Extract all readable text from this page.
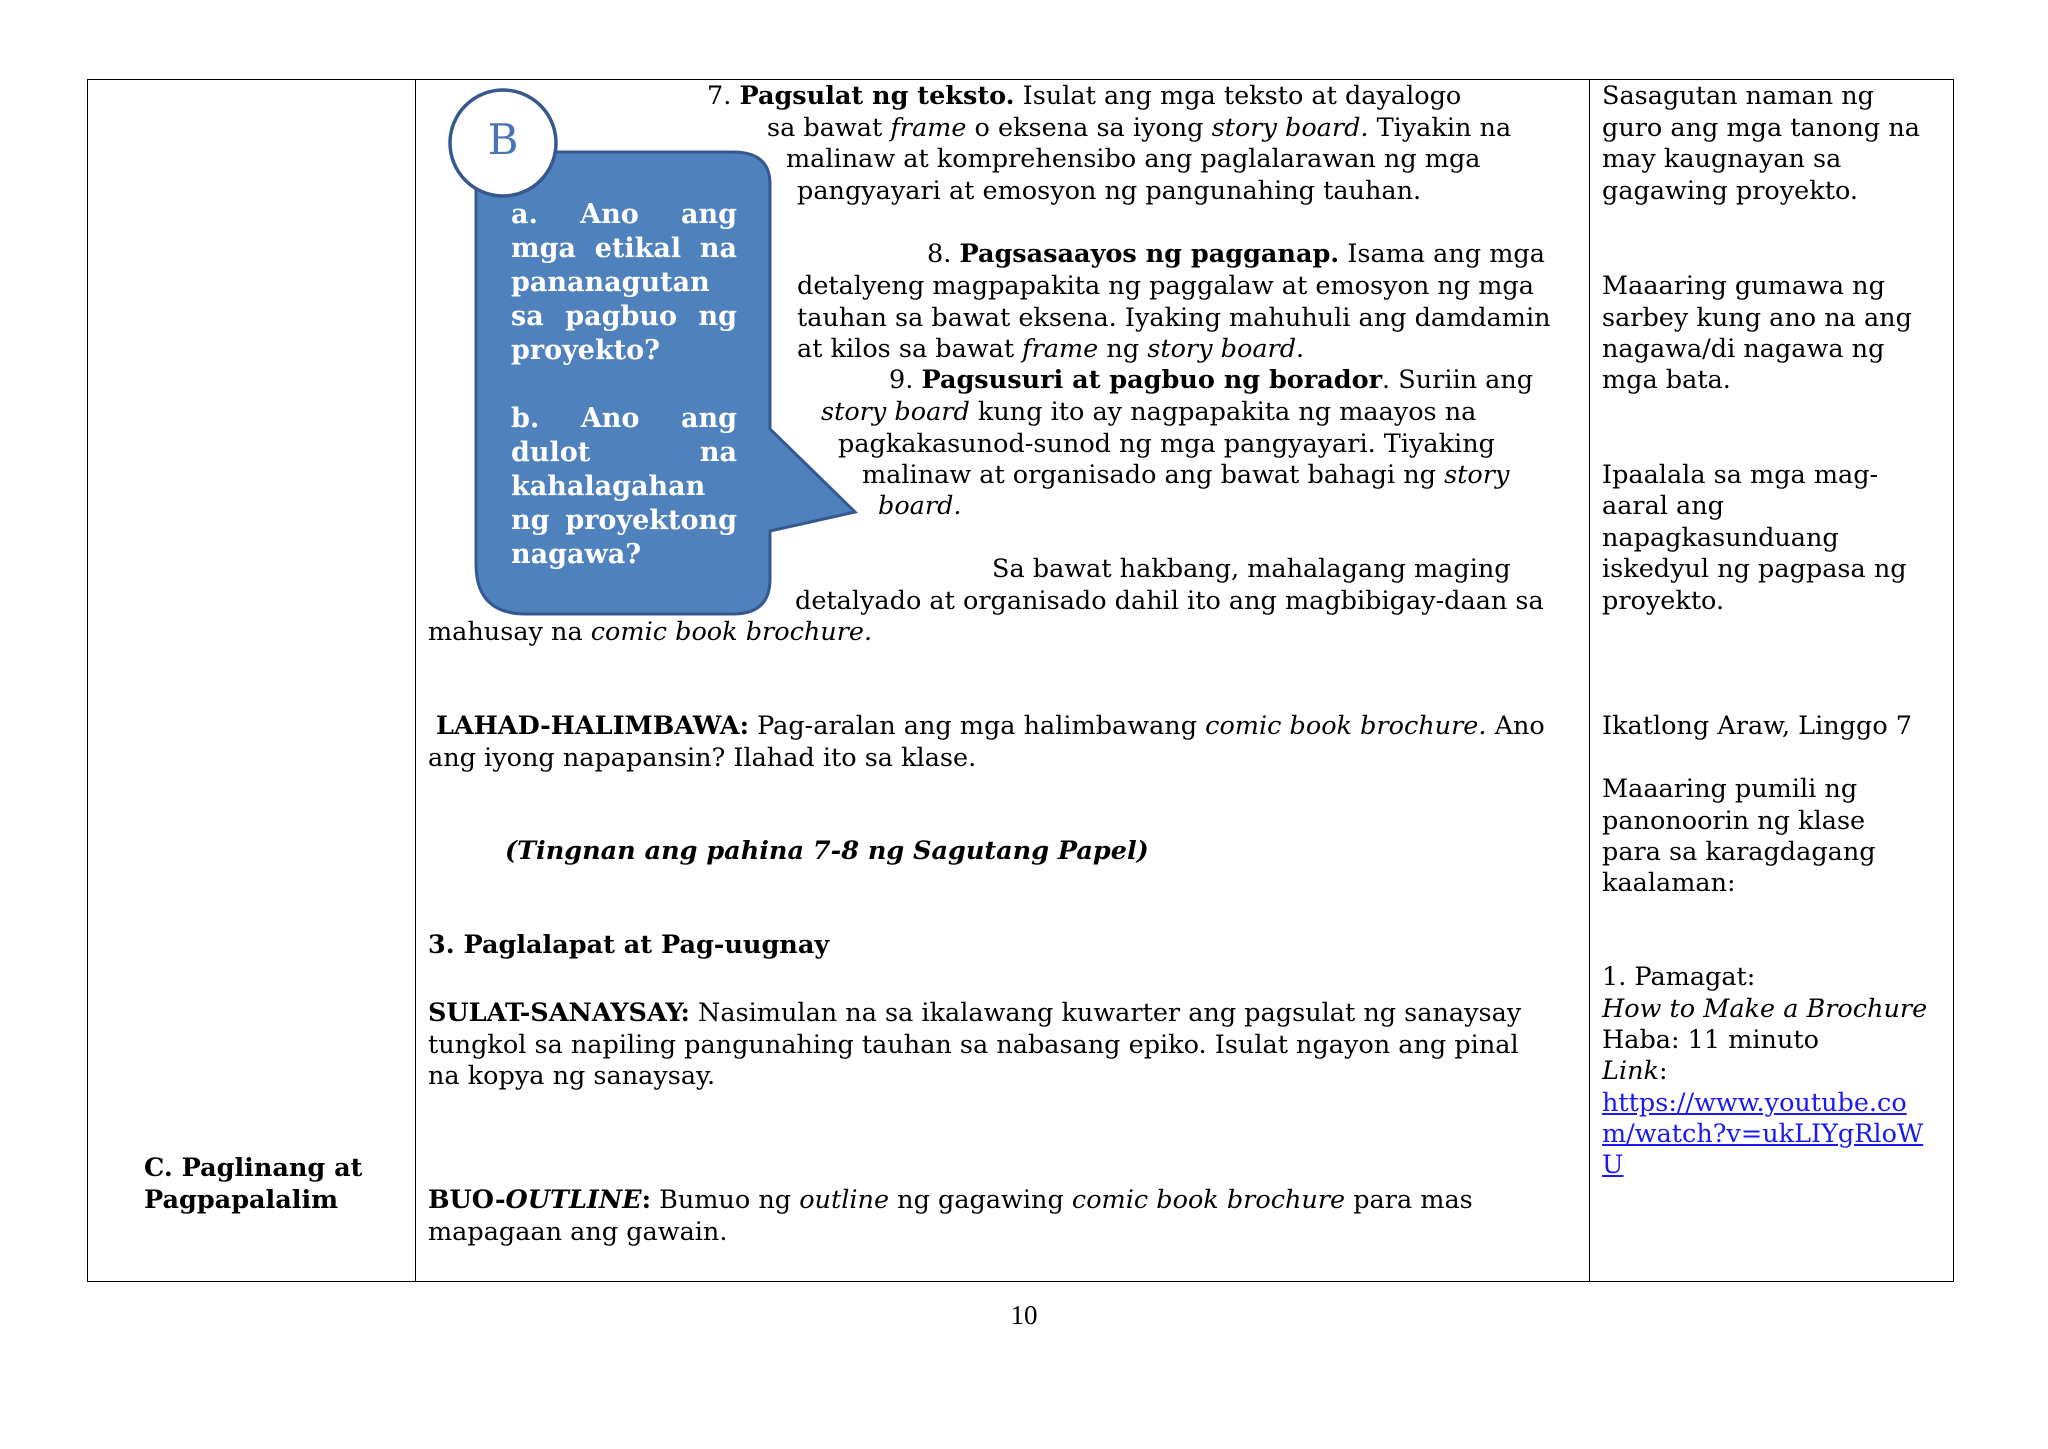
C. Paglinang at
Pagpapalalim
B

a. Ano ang mga etikal na pananagutan sa pagbuo ng proyekto?

b. Ano ang dulot na kahalagahan ng proyektong nagawa?

7. Pagsulat ng teksto. Isulat ang mga teksto at dayalogo
sa bawat frame o eksena sa iyong story board. Tiyakin na
malinaw at komprehensibo ang paglalarawan ng mga
pangyayari at emosyon ng pangunahing tauhan.
8. Pagsasaayos ng pagganap. Isama ang mga
detalyeng magpapakita ng paggalaw at emosyon ng mga
tauhan sa bawat eksena. Iyaking mahuhuli ang damdamin
at kilos sa bawat frame ng story board.
9. Pagsusuri at pagbuo ng borador. Suriin ang
story board kung ito ay nagpapakita ng maayos na
pagkakasunod-sunod ng mga pangyayari. Tiyaking
malinaw at organisado ang bawat bahagi ng story
board.
Sa bawat hakbang, mahalagang maging
detalyado at organisado dahil ito ang magbibigay-daan sa
mahusay na comic book brochure.
LAHAD-HALIMBAWA: Pag-aralan ang mga halimbawang comic book brochure. Ano
ang iyong napapansin? Ilahad ito sa klase.
(Tingnan ang pahina 7-8 ng Sagutang Papel)
3. Paglalapat at Pag-uugnay
SULAT-SANAYSAY: Nasimulan na sa ikalawang kuwarter ang pagsulat ng sanaysay
tungkol sa napiling pangunahing tauhan sa nabasang epiko. Isulat ngayon ang pinal
na kopya ng sanaysay.
BUO-OUTLINE: Bumuo ng outline ng gagawing comic book brochure para mas
mapagaan ang gawain.
Sasagutan naman ng
guro ang mga tanong na
may kaugnayan sa
gagawing proyekto.
Maaaring gumawa ng
sarbey kung ano na ang
nagawa/di nagawa ng
mga bata.
Ipaalala sa mga mag-
aaral ang
napagkasunduang
iskedyul ng pagpasa ng
proyekto.
Ikatlong Araw, Linggo 7
Maaaring pumili ng
panonoorin ng klase
para sa karagdagang
kaalaman:
1. Pamagat:
How to Make a Brochure
Haba: 11 minuto
Link:
https://www.youtube.co
m/watch?v=ukLIYgRloW
U
10
